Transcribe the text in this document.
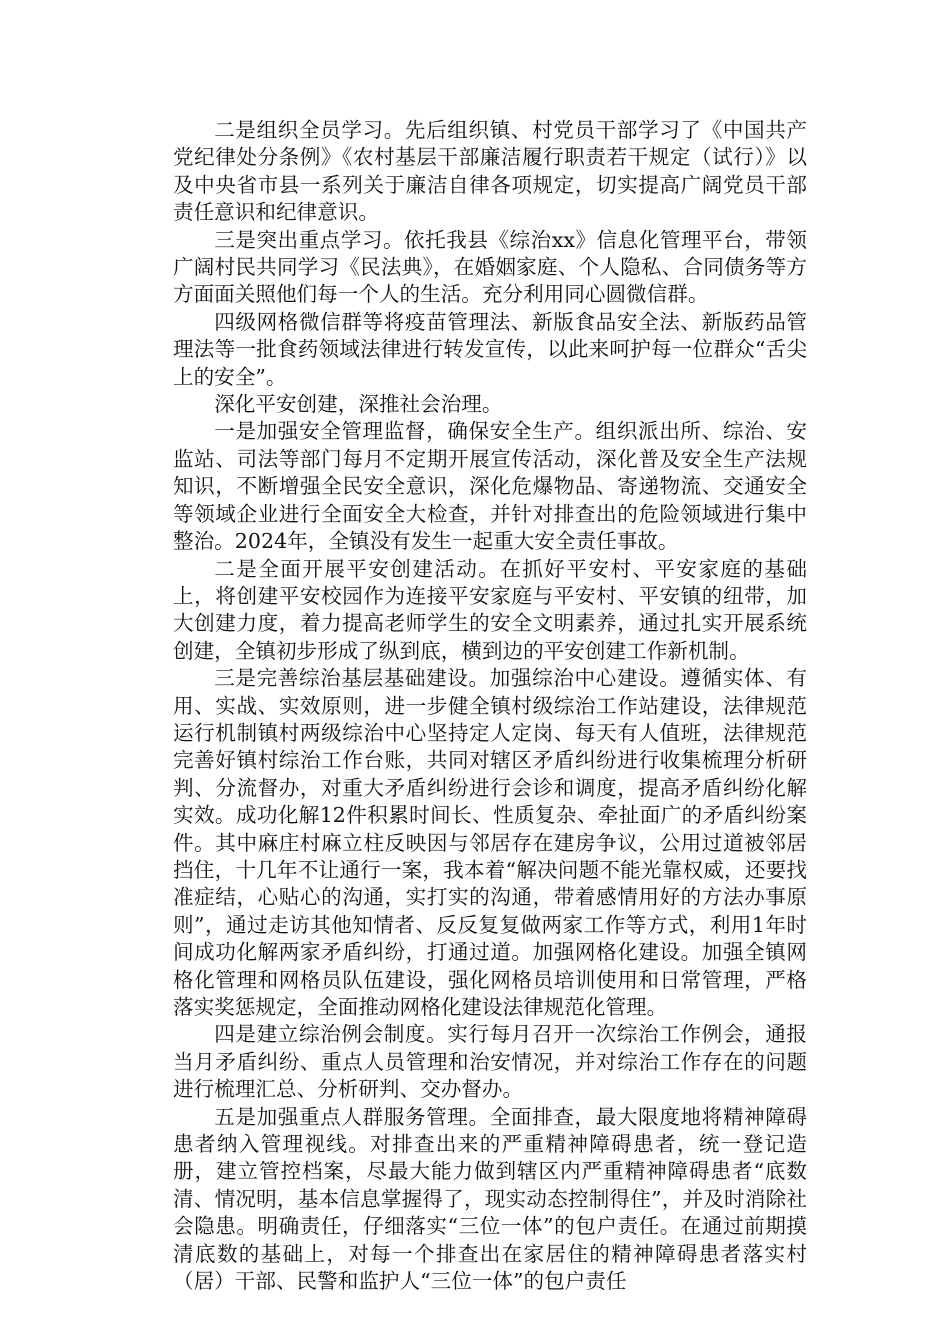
二是组织全员学习。先后组织镇、村党员干部学习了《中国共产党纪律处分条例》《农村基层干部廉洁履行职责若干规定（试行）》以及中央省市县一系列关于廉洁自律各项规定，切实提高广阔党员干部责任意识和纪律意识。

三是突出重点学习。依托我县《综治xx》信息化管理平台，带领广阔村民共同学习《民法典》，在婚姻家庭、个人隐私、合同债务等方方面面关照他们每一个人的生活。充分利用同心圆微信群。

四级网格微信群等将疫苗管理法、新版食品安全法、新版药品管理法等一批食药领域法律进行转发宣传，以此来呵护每一位群众“舌尖上的安全”。

深化平安创建，深推社会治理。

一是加强安全管理监督，确保安全生产。组织派出所、综治、安监站、司法等部门每月不定期开展宣传活动，深化普及安全生产法规知识，不断增强全民安全意识，深化危爆物品、寄递物流、交通安全等领域企业进行全面安全大检查，并针对排查出的危险领域进行集中整治。2024年，全镇没有发生一起重大安全责任事故。

二是全面开展平安创建活动。在抓好平安村、平安家庭的基础上，将创建平安校园作为连接平安家庭与平安村、平安镇的纽带，加大创建力度，着力提高老师学生的安全文明素养，通过扎实开展系统创建，全镇初步形成了纵到底，横到边的平安创建工作新机制。

三是完善综治基层基础建设。加强综治中心建设。遵循实体、有用、实战、实效原则，进一步健全镇村级综治工作站建设，法律规范运行机制镇村两级综治中心坚持定人定岗、每天有人值班，法律规范完善好镇村综治工作台账，共同对辖区矛盾纠纷进行收集梳理分析研判、分流督办，对重大矛盾纠纷进行会诊和调度，提高矛盾纠纷化解实效。成功化解12件积累时间长、性质复杂、牵扯面广的矛盾纠纷案件。其中麻庄村麻立柱反映因与邻居存在建房争议，公用过道被邻居挡住，十几年不让通行一案，我本着“解决问题不能光靠权威，还要找准症结，心贴心的沟通，实打实的沟通，带着感情用好的方法办事原则”，通过走访其他知情者、反反复复做两家工作等方式，利用1年时间成功化解两家矛盾纠纷，打通过道。加强网格化建设。加强全镇网格化管理和网格员队伍建设，强化网格员培训使用和日常管理，严格落实奖惩规定，全面推动网格化建设法律规范化管理。

四是建立综治例会制度。实行每月召开一次综治工作例会，通报当月矛盾纠纷、重点人员管理和治安情况，并对综治工作存在的问题进行梳理汇总、分析研判、交办督办。

五是加强重点人群服务管理。全面排查，最大限度地将精神障碍患者纳入管理视线。对排查出来的严重精神障碍患者，统一登记造册，建立管控档案，尽最大能力做到辖区内严重精神障碍患者“底数清、情况明，基本信息掌握得了，现实动态控制得住”，并及时消除社会隐患。明确责任，仔细落实“三位一体”的包户责任。在通过前期摸清底数的基础上，对每一个排查出在家居住的精神障碍患者落实村（居）干部、民警和监护人“三位一体”的包户责任
